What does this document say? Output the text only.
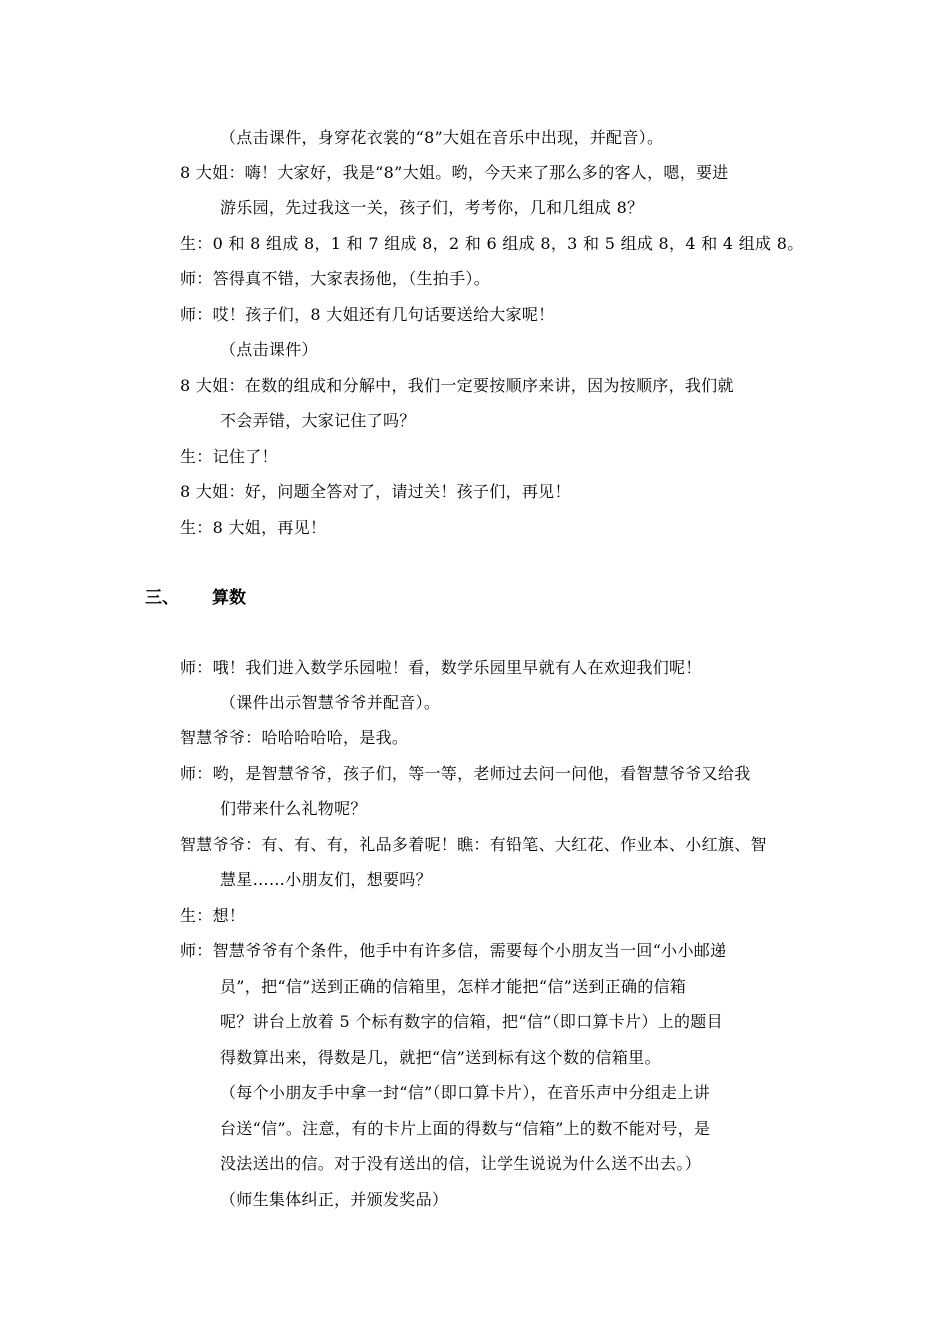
（点击课件，身穿花衣裳的“8”大姐在音乐中出现，并配音）。
8 大姐：嗨！大家好，我是“8”大姐。哟，今天来了那么多的客人，嗯，要进
游乐园，先过我这一关，孩子们，考考你，几和几组成 8？
生：0 和 8 组成 8，1 和 7 组成 8，2 和 6 组成 8，3 和 5 组成 8，4 和 4 组成 8。
师：答得真不错，大家表扬他，（生拍手）。
师：哎！孩子们，8 大姐还有几句话要送给大家呢！
（点击课件）
8 大姐：在数的组成和分解中，我们一定要按顺序来讲，因为按顺序，我们就
不会弄错，大家记住了吗？
生：记住了！
8 大姐：好，问题全答对了，请过关！孩子们，再见！
生：8 大姐，再见！
三、 算数
师：哦！我们进入数学乐园啦！看，数学乐园里早就有人在欢迎我们呢！
（课件出示智慧爷爷并配音）。
智慧爷爷：哈哈哈哈哈，是我。
师：哟，是智慧爷爷，孩子们，等一等，老师过去问一问他，看智慧爷爷又给我
们带来什么礼物呢？
智慧爷爷：有、有、有，礼品多着呢！瞧：有铅笔、大红花、作业本、小红旗、智
慧星……小朋友们，想要吗？
生：想！
师：智慧爷爷有个条件，他手中有许多信，需要每个小朋友当一回“小小邮递
员”，把“信”送到正确的信箱里，怎样才能把“信”送到正确的信箱
呢？讲台上放着 5 个标有数字的信箱，把“信”（即口算卡片）上的题目
得数算出来，得数是几，就把“信”送到标有这个数的信箱里。
（每个小朋友手中拿一封“信”（即口算卡片），在音乐声中分组走上讲
台送“信”。注意，有的卡片上面的得数与“信箱”上的数不能对号，是
没法送出的信。对于没有送出的信，让学生说说为什么送不出去。）
（师生集体纠正，并颁发奖品）
